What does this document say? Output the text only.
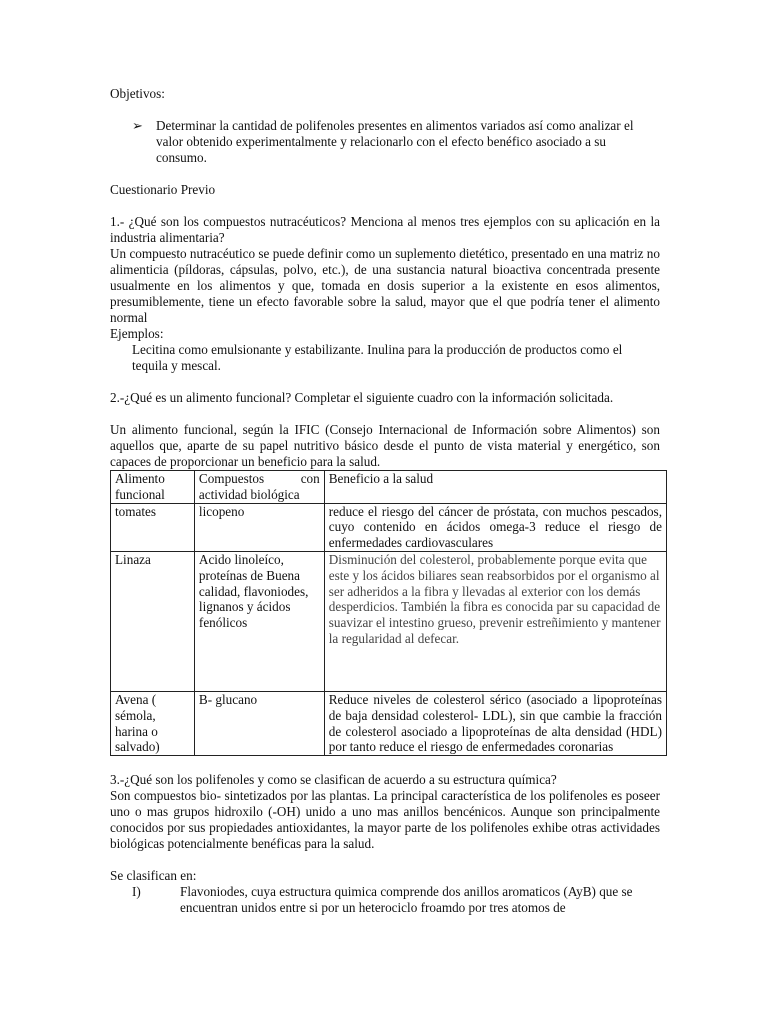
Objetivos:

➢ Determinar la cantidad de polifenoles presentes en alimentos variados así como analizar el valor obtenido experimentalmente y relacionarlo con el efecto benéfico asociado a su consumo.

Cuestionario Previo

1.- ¿Qué son los compuestos nutracéuticos? Menciona al menos tres ejemplos con su aplicación en la industria alimentaria?

Un compuesto nutracéutico se puede definir como un suplemento dietético, presentado en una matriz no alimenticia (píldoras, cápsulas, polvo, etc.), de una sustancia natural bioactiva concentrada presente usualmente en los alimentos y que, tomada en dosis superior a la existente en esos alimentos, presumiblemente, tiene un efecto favorable sobre la salud, mayor que el que podría tener el alimento normal

Ejemplos:

Lecitina como emulsionante y estabilizante. Inulina para la producción de productos como el tequila y mescal.

2.-¿Qué es un alimento funcional? Completar el siguiente cuadro con la información solicitada.

Un alimento funcional, según la IFIC (Consejo Internacional de Información sobre Alimentos) son aquellos que, aparte de su papel nutritivo básico desde el punto de vista material y energético, son capaces de proporcionar un beneficio para la salud.

Alimento funcional	Compuestos con actividad biológica	Beneficio a la salud
tomates	licopeno	reduce el riesgo del cáncer de próstata, con muchos pescados, cuyo contenido en ácidos omega-3 reduce el riesgo de enfermedades cardiovasculares
Linaza	Acido linoleíco, proteínas de Buena calidad, flavoniodes, lignanos y ácidos fenólicos	Disminución del colesterol, probablemente porque evita que este y los ácidos biliares sean reabsorbidos por el organismo al ser adheridos a la fibra y llevadas al exterior con los demás desperdicios. También la fibra es conocida par su capacidad de suavizar el intestino grueso, prevenir estreñimiento y mantener la regularidad al defecar.
Avena ( sémola, harina o salvado)	Β- glucano	Reduce niveles de colesterol sérico (asociado a lipoproteínas de baja densidad colesterol- LDL), sin que cambie la fracción de colesterol asociado a lipoproteínas de alta densidad (HDL) por tanto reduce el riesgo de enfermedades coronarias

3.-¿Qué son los polifenoles y como se clasifican de acuerdo a su estructura química?

Son compuestos bio- sintetizados por las plantas. La principal característica de los polifenoles es poseer uno o mas grupos hidroxilo (-OH) unido a uno mas anillos bencénicos. Aunque son principalmente conocidos por sus propiedades antioxidantes, la mayor parte de los polifenoles exhibe otras actividades biológicas potencialmente benéficas para la salud.

Se clasifican en:

I)	Flavoniodes, cuya estructura quimica comprende dos anillos aromaticos (AyB) que se encuentran unidos entre si por un heterociclo froamdo por tres atomos de
